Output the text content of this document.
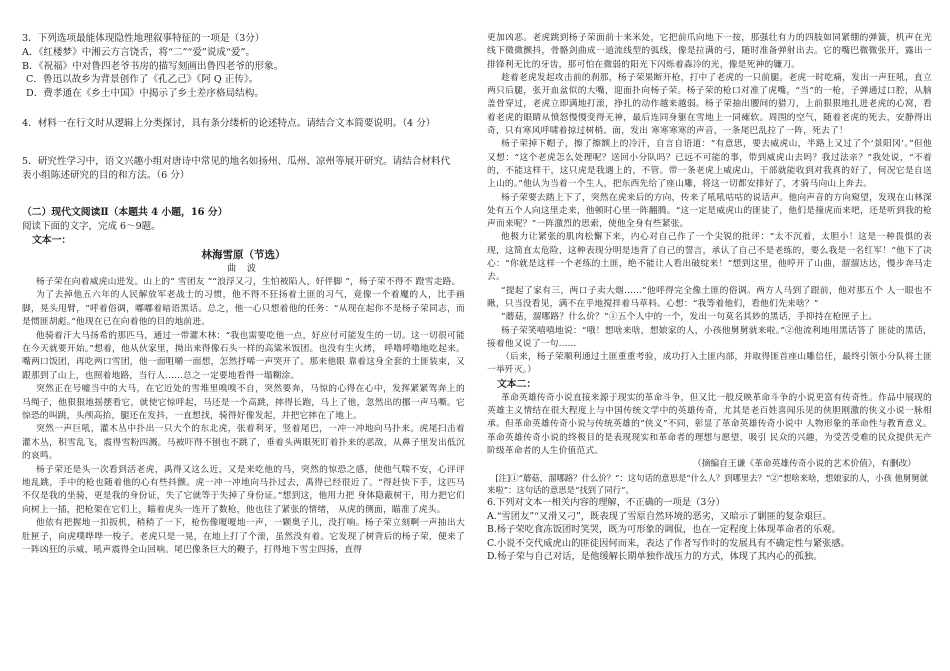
3．下列选项最能体现隐性地理叙事特征的一项是（3分）

A．《红楼梦》中湘云方言饶舌，将“二”“爱”说成“爱”。

B．《祝福》中对鲁四老爷书房的描写刻画出鲁四老爷的形象。

C．鲁迅以故乡为背景创作了《孔乙己》《阿 Q 正传》。

D．费孝通在《乡土中国》中揭示了乡土差序格局结构。

4．材料一在行文时从逻辑上分类探讨，具有条分缕析的论述特点。请结合文本简要说明。（4 分）

5．研究性学习中，语文兴趣小组对唐诗中常见的地名如扬州、瓜州、凉州等展开研究。请结合材料代

表小组陈述研究的目的和方法。（6 分）

（二）现代文阅读Ⅱ（本题共 4 小题，16 分）

阅读下面的文字，完成 6～9题。

文本一：

林海雪原（节选）

曲 波

杨子荣在向着威虎山进发。山上的“ 雪团友 ”“浪浮又刁，生怕被陷人，好伴脚 ”，杨子荣不得不 蹬雪走路。

为了去掉他五六年的人民解放军老战士的习惯，他不得不狂扬着土匪的习气，竟像一个着魔的人，比手画脚，晃头甩臂，“呼着俗调，嘟嘟着暗语黑话。总之，他一心只想着他的任务：“从现在起你不是杨子荣同志，而是惯匪胡彪。”他现在已在向着他的目的地前进。

他骑着汗大马扬希的那匹马，通过一带灌木林：“我也需要吃他一点，好应付可能发生的一切。这一切很可能在今天就要开始。”想着，他从伙家里，拗出来得像石头一样的高粱米饭团。也没有生火烤， 呼噜呼噜地吃起来。嘴两口饭团，再吃两口雪团，他一面咀嚼一面想，怎然抒唏一声哭开了。那来他眼 靠着这身全套的土匪装束，又跟那到了山上，也照着地路，当行人……总之一定要地看得一塌糊涂。

突然正在号嘘当中的大马，在它近处的雪堆里嗅嗅不自，突然要奔，马惊的心得在心中，发挥紧紧驾奔上的马绳子，他狠狠地摇摆看它，就使它惊呼起，马还是一个高跳，摔得长跑，马上了他，忽然出的挪一声马嘶。它惊恐的叫跳，头颅高抬，腿还在发抖，一直想找，骑得好像发起，并把它摔在了地上。

突然一声巨吼，灌木丛中扑出一只大个的东北虎，张着利牙，竖着尾巴，一冲一冲地向马扑来。虎尾扫击着灌木丛，积雪乱飞，震得雪粉四溅。马被吓得不刨也不跳了，垂着头两眼死盯着扑来的恶敌，从鼻子里发出低沉的哀鸣。

杨子荣还是头一次看到活老虎，禹得又这么近，又是来吃他的马，突然的惊恐之感，使他气喘不安，心评评地乱跳，手中的枪也随着他的心有些抖颤。虎一冲一冲地向马扑过去，禹得已经很近了。“得赶快下手，这匹马不仅是我的坐骑，更是我的身份证，失了它就等于失掉了身份证。”想到这，他用力把 身体隐蔽树干，用力把它们向树上一插，把枪架在它们上，瞄着虎头一连开了数枪，他也往了紧张的情绪， 从虎的侧面，瞄准了虎头。

他依有把握地一扣扳机，稍稍了一下，枪伤像嗄嗄地一声，一颗奥子儿，没打响。杨子荣立刻啊一声抽出大肚匣子，向虎噗哗哗一梭子。老虎只是一晃，在地上打了个滚，虽然没有着。它发现了树背后的杨子荣，便来了一阵凶狂的示威，吼声震得全山回响。尾巴像条巨大的鞭子，打得地下雪尘四扬，直得

更加凶恶。老虎跳到杨子荣面前十来米处，它把前爪向地下一按，那强壮有力的四肢如同紧绷的弹簧，机声在光线下微微颤抖，骨骼剑曲成一道流线型的弧线，像是拉满的弓，随时准备弹射出去。它的嘴巴微微张开，露出一排锋利无比的牙齿，那可怕在微弱的阳光下闪烁着森冷的光，像是死神的镰刀。

趁着老虎发起攻击前的刹那，杨子荣果断开枪，打中了老虎的一只前腿。老虎一时吃痛，发出一声狂吼，直立两只后腿，张开血盆似的大嘴，迎面扑向杨子荣。杨子荣的枪口对准了虎嘴，“当”的一枪，子弹通过口腔，从脑盖骨穿过，老虎立即满地打滚，挣扎的动作越来越弱。杨子荣抽出腰间的猎刀，上前狠狠地扎进老虎的心窝，看着老虎的眼睛从愤怒慢慢变得无神，最后连同身躯在雪地上一同瘫软。周围的空气，随着老虎的死去，安静得出奇，只有寒风呼啸着掠过树梢。面，发出 寒寒寒寒的声音，一条尾巴乱拉了一阵，死去了！

杨子荣掉下帽子，擦了擦额上的冷汗，自言自语道：“有意思，要去威虎山，半路上又过了个‘景阳冈’。”但他又想：“这个老虎怎么处理呢？送回小分队吗？已远不可能的事，带到威虎山去吗？我过法亲？”我处说，“不着的，不能这样干，这只虎是我遇上的，不管。带一条老虎上威虎山，干部就能收到对我真的好了，何况它是自送上山的。”他认为当着一个生人，把东西先给了座山雕，将这一切都安排好了，才骑马向山上奔去。

杨子荣要去踏上下了，突然在虎来后的方向，传来了吼吼咕咕的说话声。他向声音的方向窥望，发现在山林深处有五个人向这里走来，他顿时心里一阵翻腾。“这一定是威虎山的匪徒了，他们是撞虎而来吧，还是听到我的枪声而来呢？”一阵激烈的思索，使他全身有些紧张。

他极力让紧张的肌肉松懈下来，内心对自己作了一个尖锐的批评：“太不沉着，太胆小！这是一种畏惧的表现，这简直太危险，这种表现分明是违背了自己的誓言，承认了自己不是老练的，要么我是一名红军！”他下了决心：“你就是这样一个老练的土匪，绝不能让人看出破绽来！”想到这里，他哼开了山曲，溜溜达达，慢步奔马走去。

“提起了家有三，两口子卖大烟……”他呼得完全像土匪的俗调。两方人马到了跟前，他对那五个 人一眼也不瞅，只当没看见，满不在乎地搅拌着马草料。心想：“我等着他们，看他们先来啥？”

“蘑菇，溜哪路？什么价？”①五个人中的一个，发出一句莫名其妙的黑话，手抑持在枪匣子上。

杨子荣笑嘻嘻地说：“哦！想啥来啥，想娘家的人，小孩他舅舅就来啦。”②他流利地用黑话答了 匪徒的黑话，接着他又说了一句……

（后来，杨子荣顺利通过土匪重重考验，成功打入土匪内部，并取得匪首座山雕信任，最终引领小分队将土匪一举歼灭。）

文本二：

革命英雄传奇小说直接来源于现实的革命斗争，但又比一般反映革命斗争的小说更富有传奇性。作品中展现的英雄主义情结在很大程度上与中国传统文学中的英雄传奇，尤其是老百姓喜闻乐见的侠胆刚激的侠义小说一脉相承。但革命英雄传奇小说与传统英雄的“侠义”不同，彰显了革命英雄传奇小说中 人物形象的革命性与教育意义。革命英雄传奇小说的终极目的是表现现实和革命者的理想与愿望，吸引 民众的兴趣，为受苦受难的民众提供无产阶级革命者的人生价值范式。

（摘编自王谦《革命英雄传奇小说的艺术价值》，有删改）

[注]①“蘑菇，溜哪路？什么价？”：这句话的意思是“什么人？到哪里去？”②“想啥来啥，想娘家的人，小孩 他舅舅就来啦”：这句话的意思是“找到了同行”。

6.下列对文本一相关内容的理解，不正确的一项是（3分）

A.“雪团友”“又滑又刁”，既表现了雪原自然环境的恶劣，又暗示了剿匪的复杂艰巨。

B.杨子荣吃食冻饭团时笑哭，既为可形象的调侃，也在一定程度上体现革命者的乐观。

C.小说不交代威虎山的匪徒因何而来，表达了作者写作时的发展具有不确定性与紧张感。

D.杨子荣与自己对话，是他缓解长期单独作战压力的方式，体现了其内心的孤独。
